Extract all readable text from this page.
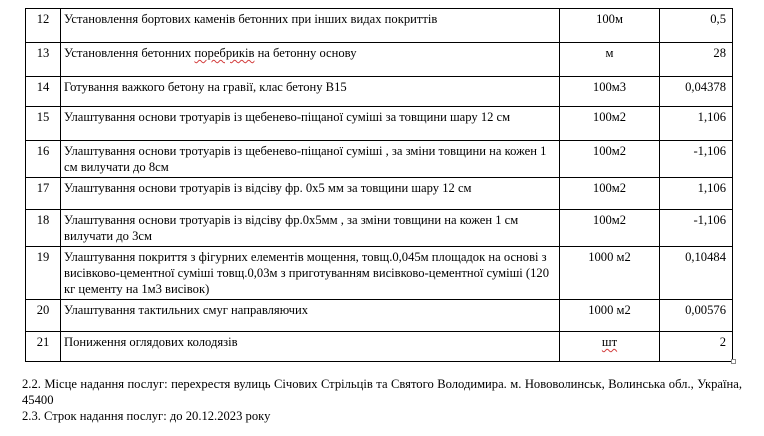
12	Установлення бортових каменів бетонних при інших видах покриттів	100м	0,5
13	Установлення бетонних поребриків на бетонну основу	м	28
14	Готування важкого бетону на гравії, клас бетону В15	100м3	0,04378
15	Улаштування основи тротуарів із щебенево-піщаної суміші за товщини шару 12 см	100м2	1,106
16	Улаштування основи тротуарів із щебенево-піщаної суміші , за зміни товщини на кожен 1 см вилучати до 8см	100м2	-1,106
17	Улаштування основи тротуарів із відсіву фр. 0х5 мм за товщини шару 12 см	100м2	1,106
18	Улаштування основи тротуарів із відсіву фр.0х5мм , за зміни товщини на кожен 1 см вилучати до 3см	100м2	-1,106
19	Улаштування покриття з фігурних елементів мощення, товщ.0,045м площадок на основі з висівково-цементної суміші товщ.0,03м з приготуванням висівково-цементної суміші (120 кг цементу на 1м3 висівок)	1000 м2	0,10484
20	Улаштування тактильних смуг направляючих	1000 м2	0,00576
21	Пониження оглядових колодязів	шт	2

2.2. Місце надання послуг: перехрестя вулиць Січових Стрільців та Святого Володимира. м. Нововолинськ, Волинська обл., Україна, 45400

2.3. Строк надання послуг: до 20.12.2023 року
